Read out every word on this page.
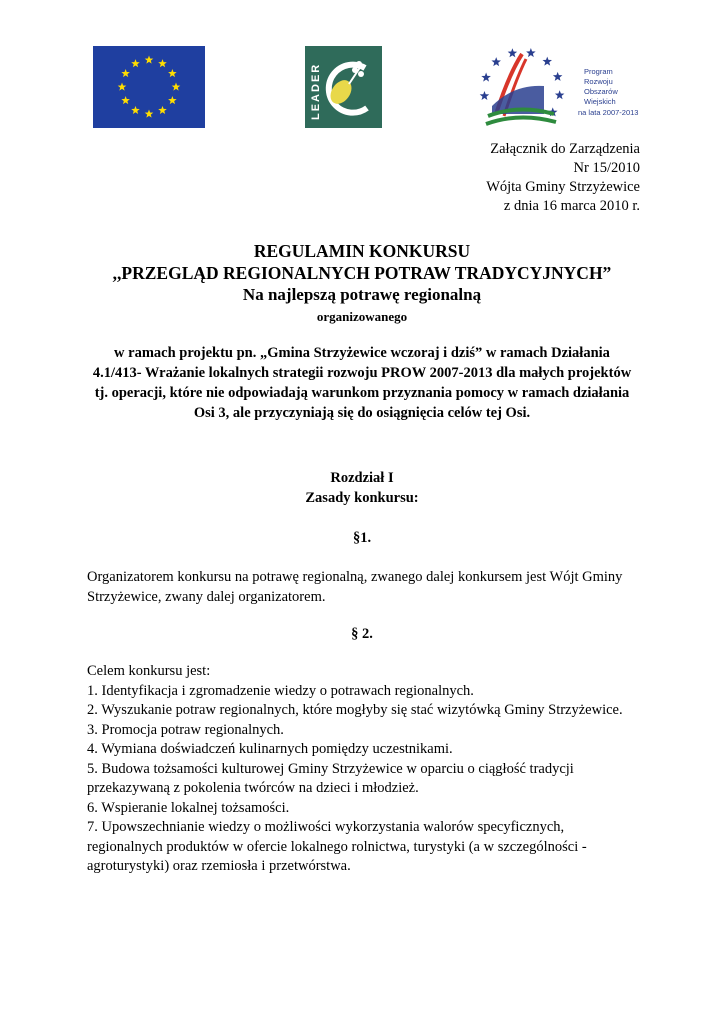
LEADER	Program
Rozwoju
Obszarów
Wiejskich
na lata 2007-2013
Załącznik do Zarządzenia
Nr 15/2010
Wójta Gminy Strzyżewice
z dnia 16 marca 2010 r.
REGULAMIN KONKURSU
,,PRZEGLĄD REGIONALNYCH POTRAW TRADYCYJNYCH”
Na najlepszą potrawę regionalną
organizowanego
w ramach projektu pn. „Gmina Strzyżewice wczoraj i dziś” w ramach Działania
4.1/413- Wrażanie lokalnych strategii rozwoju PROW 2007-2013 dla małych projektów
tj. operacji, które nie odpowiadają warunkom przyznania pomocy w ramach działania
Osi 3, ale przyczyniają się do osiągnięcia celów tej Osi.
Rozdział I
Zasady konkursu:
§1.
Organizatorem konkursu na potrawę regionalną, zwanego dalej konkursem jest Wójt Gminy
Strzyżewice, zwany dalej organizatorem.
§ 2.
Celem konkursu jest:
1. Identyfikacja i zgromadzenie wiedzy o potrawach regionalnych.
2. Wyszukanie potraw regionalnych, które mogłyby się stać wizytówką Gminy Strzyżewice.
3. Promocja potraw regionalnych.
4. Wymiana doświadczeń kulinarnych pomiędzy uczestnikami.
5. Budowa tożsamości kulturowej Gminy Strzyżewice w oparciu o ciągłość tradycji
przekazywaną z pokolenia twórców na dzieci i młodzież.
6. Wspieranie lokalnej tożsamości.
7. Upowszechnianie wiedzy o możliwości wykorzystania walorów specyficznych,
regionalnych produktów w ofercie lokalnego rolnictwa, turystyki (a w szczególności -
agroturystyki) oraz rzemiosła i przetwórstwa.
